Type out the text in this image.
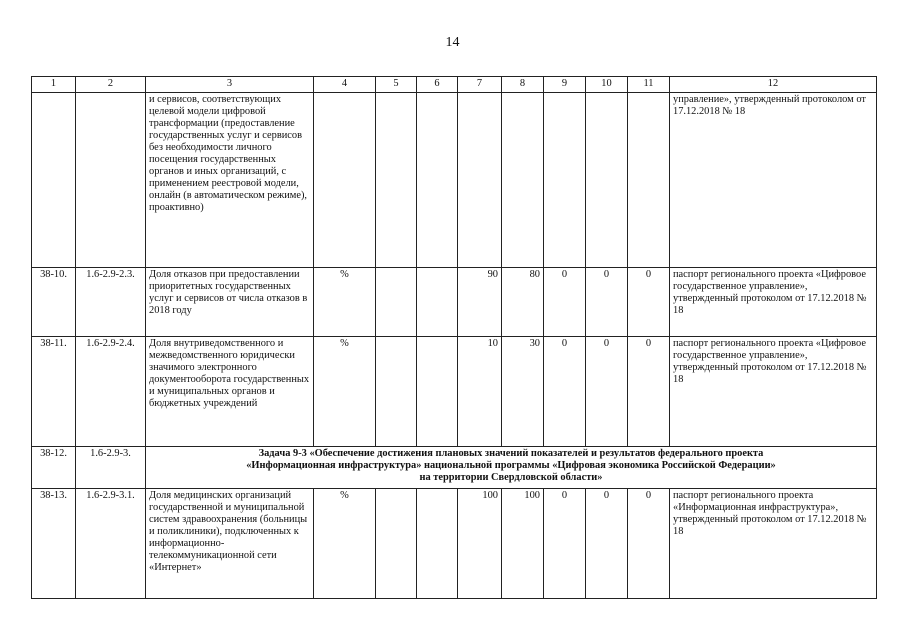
14
1	2	3	4	5	6	7	8	9	10	11	12
		и сервисов, соответствующих целевой модели цифровой трансформации (предоставление государственных услуг и сервисов без необходимости личного посещения государственных органов и иных организаций, с применением реестровой модели, онлайн (в автоматическом режиме), проактивно)									управление», утвержденный протоколом от 17.12.2018 № 18
38-10.	1.6-2.9-2.3.	Доля отказов при предоставлении приоритетных государственных услуг и сервисов от числа отказов в 2018 году	%			90	80	0	0	0	паспорт регионального проекта «Цифровое государственное управление», утвержденный протоколом от 17.12.2018 № 18
38-11.	1.6-2.9-2.4.	Доля внутриведомственного и межведомственного юридически значимого электронного документооборота государственных и муниципальных органов и бюджетных учреждений	%			10	30	0	0	0	паспорт регионального проекта «Цифровое государственное управление», утвержденный протоколом от 17.12.2018 № 18
38-12.	1.6-2.9-3.	Задача 9-3 «Обеспечение достижения плановых значений показателей и результатов федерального проекта
«Информационная инфраструктура» национальной программы «Цифровая экономика Российской Федерации»
на территории Свердловской области»									

38-13.	1.6-2.9-3.1.	Доля медицинских организаций государственной и муниципальной систем здравоохранения (больницы и поликлиники), подключенных к информационно-телекоммуникационной сети «Интернет»	%			100	100	0	0	0	паспорт регионального проекта «Информационная инфраструктура», утвержденный протоколом от 17.12.2018 № 18
